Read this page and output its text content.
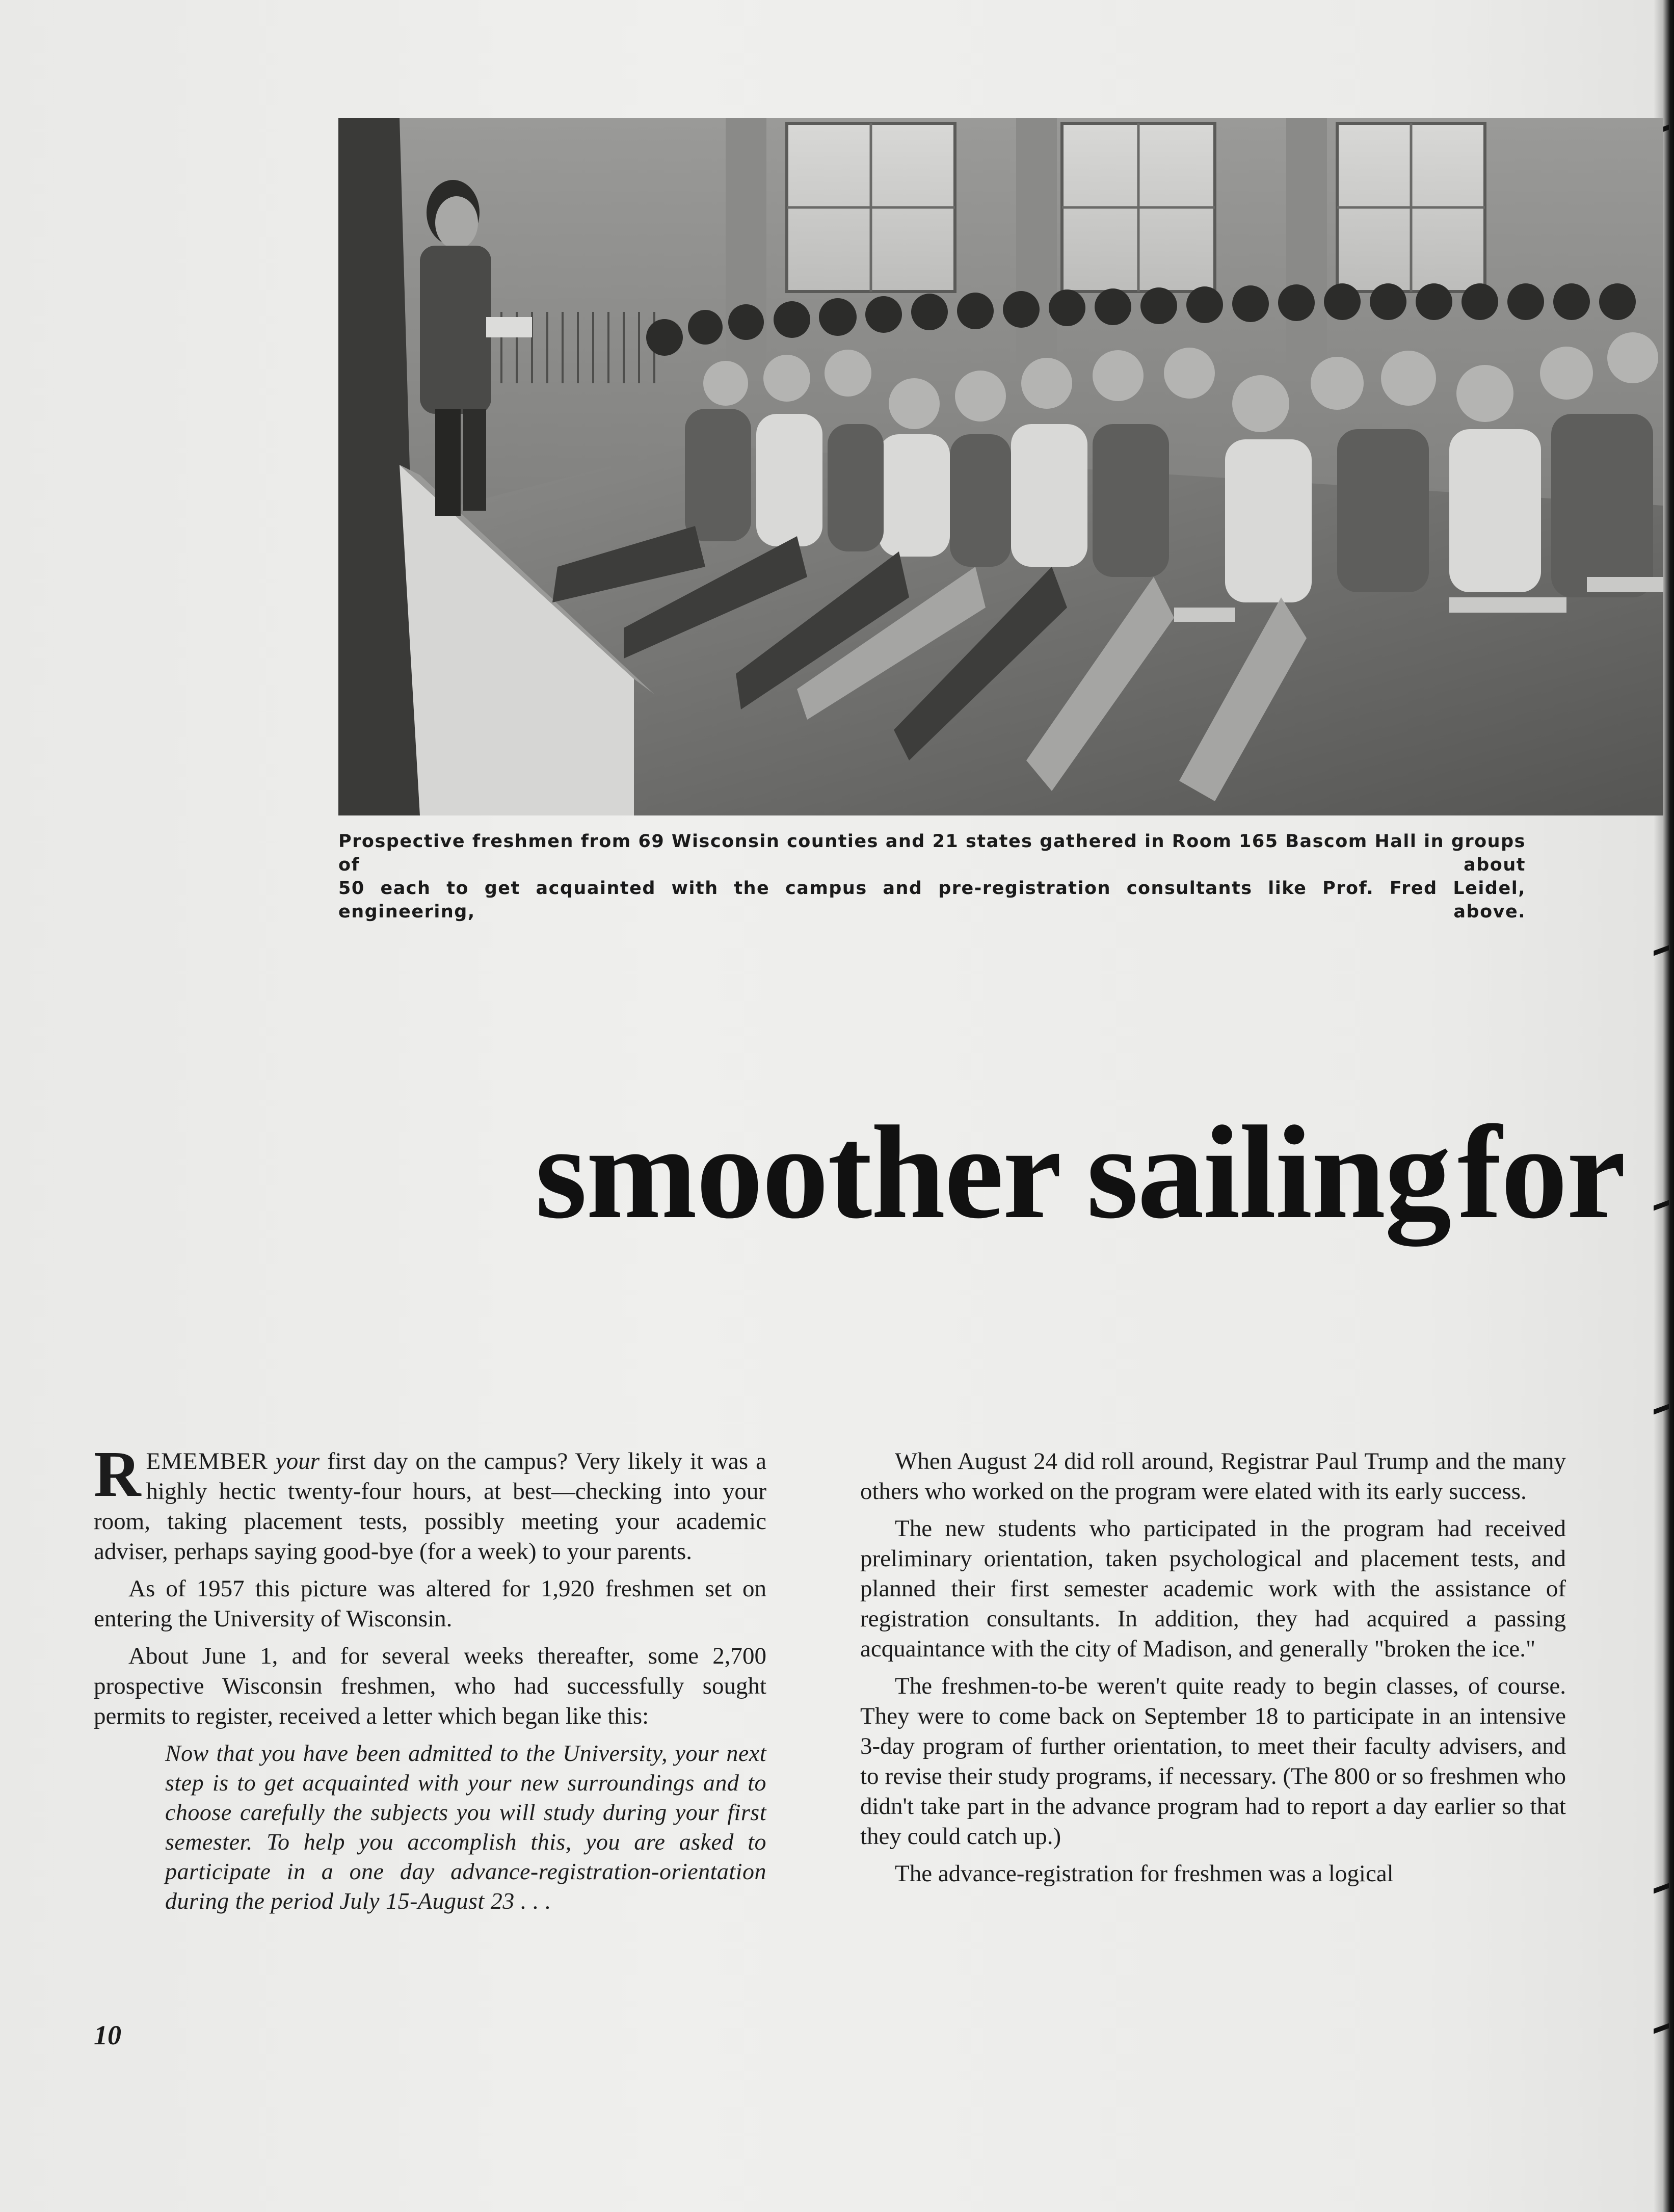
Prospective freshmen from 69 Wisconsin counties and 21 states gathered in Room 165 Bascom Hall in groups of about
50 each to get acquainted with the campus and pre-registration consultants like Prof. Fred Leidel, engineering, above.
smoother sailing for

REMEMBER your first day on the campus? Very likely it was a highly hectic twenty-four hours, at best—checking into your room, taking placement tests, possibly meeting your academic adviser, perhaps saying good-bye (for a week) to your parents.

As of 1957 this picture was altered for 1,920 freshmen set on entering the University of Wisconsin.

About June 1, and for several weeks thereafter, some 2,700 prospective Wisconsin freshmen, who had successfully sought permits to register, received a letter which began like this:

Now that you have been admitted to the University, your next step is to get acquainted with your new surroundings and to choose carefully the subjects you will study during your first semester. To help you accomplish this, you are asked to participate in a one day advance-registration-orientation during the period July 15-August 23 . . .

When August 24 did roll around, Registrar Paul Trump and the many others who worked on the program were elated with its early success.

The new students who participated in the program had received preliminary orientation, taken psychological and placement tests, and planned their first semester academic work with the assistance of registration consultants. In addition, they had acquired a passing acquaintance with the city of Madison, and generally "broken the ice."

The freshmen-to-be weren't quite ready to begin classes, of course. They were to come back on September 18 to participate in an intensive 3-day program of further orientation, to meet their faculty advisers, and to revise their study programs, if necessary. (The 800 or so freshmen who didn't take part in the advance program had to report a day earlier so that they could catch up.)

The advance-registration for freshmen was a logical

10
